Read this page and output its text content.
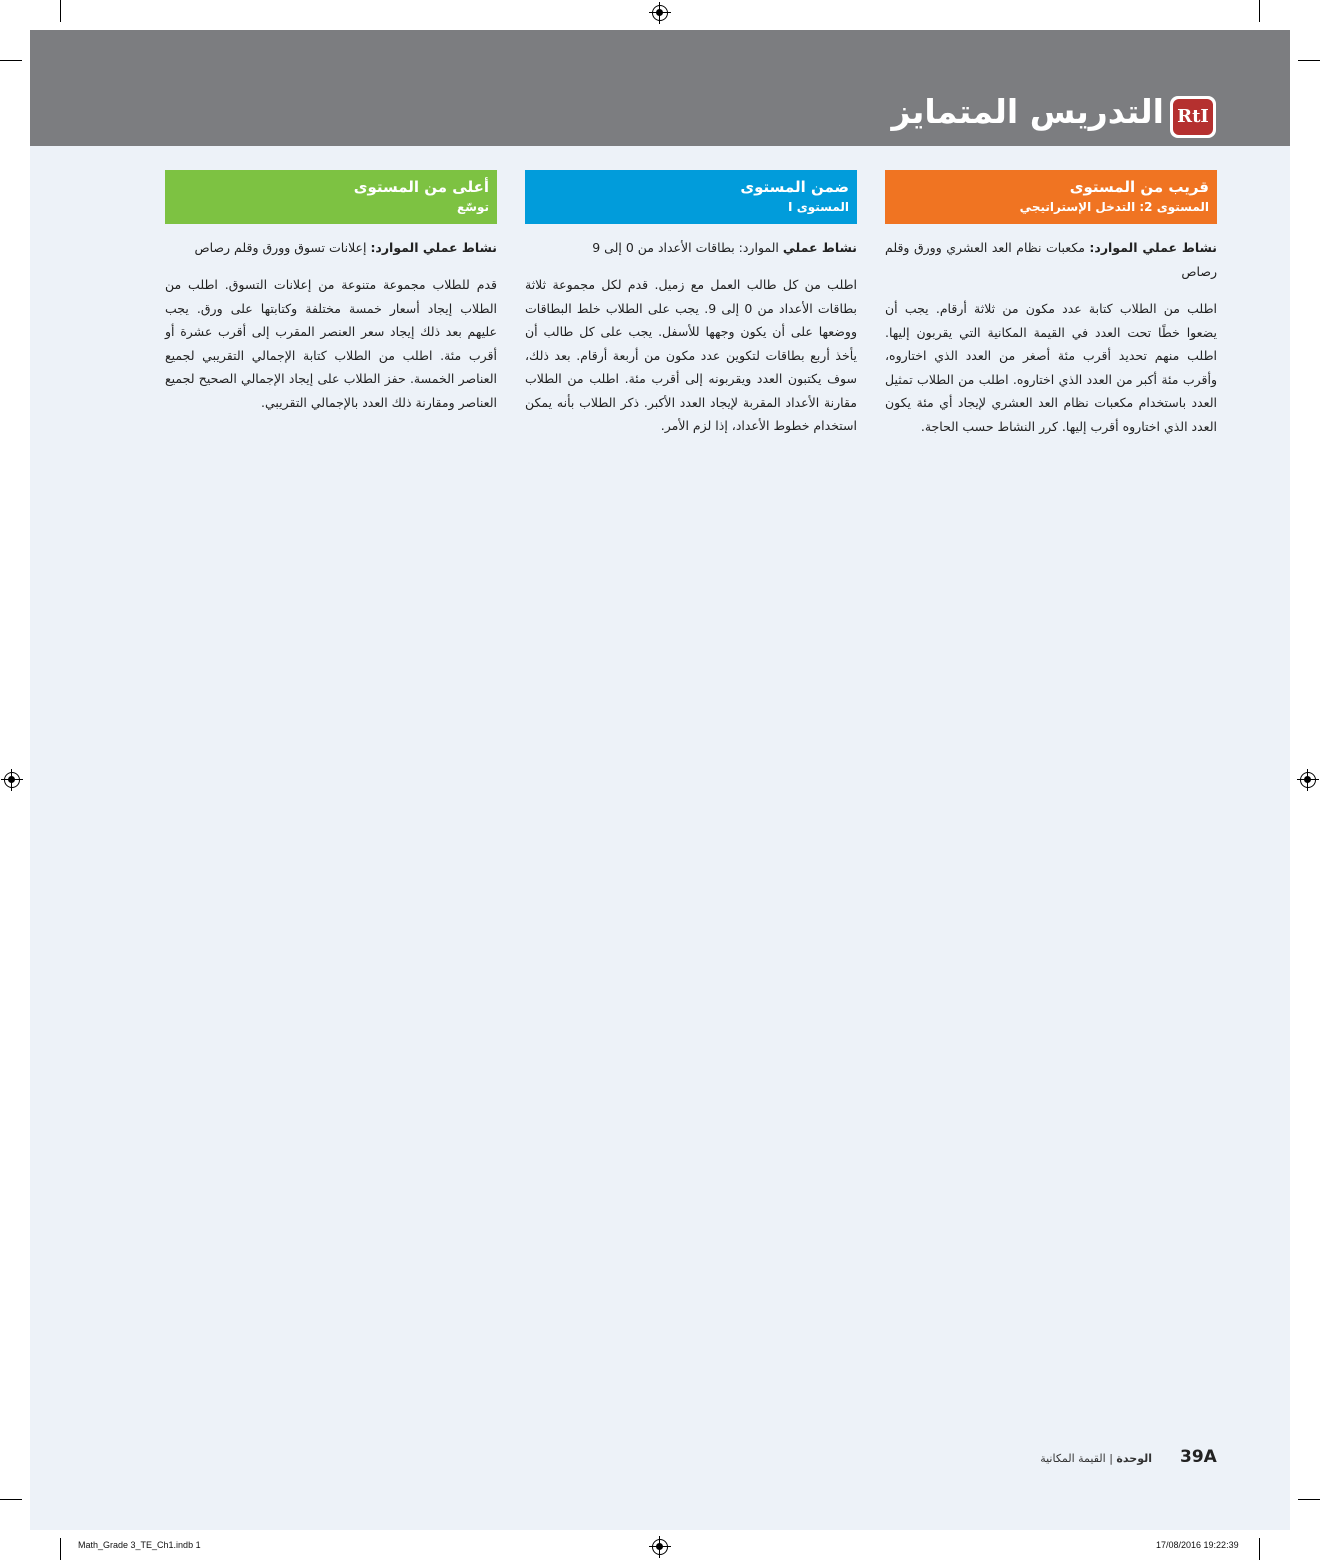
RtI
التدريس المتمايز
قريب من المستوى
المستوى 2: التدخل الإستراتيجي

نشاط عملي الموارد: مكعبات نظام العد العشري وورق وقلم رصاص

اطلب من الطلاب كتابة عدد مكون من ثلاثة أرقام. يجب أن يضعوا خطًا تحت العدد في القيمة المكانية التي يقربون إليها. اطلب منهم تحديد أقرب مئة أصغر من العدد الذي اختاروه، وأقرب مئة أكبر من العدد الذي اختاروه. اطلب من الطلاب تمثيل العدد باستخدام مكعبات نظام العد العشري لإيجاد أي مئة يكون العدد الذي اختاروه أقرب إليها. كرر النشاط حسب الحاجة.

ضمن المستوى
المستوى I

نشاط عملي الموارد: بطاقات الأعداد من 0 إلى 9

اطلب من كل طالب العمل مع زميل. قدم لكل مجموعة ثلاثة بطاقات الأعداد من 0 إلى 9. يجب على الطلاب خلط البطاقات ووضعها على أن يكون وجهها للأسفل. يجب على كل طالب أن يأخذ أربع بطاقات لتكوين عدد مكون من أربعة أرقام. بعد ذلك، سوف يكتبون العدد ويقربونه إلى أقرب مئة. اطلب من الطلاب مقارنة الأعداد المقربة لإيجاد العدد الأكبر. ذكر الطلاب بأنه يمكن استخدام خطوط الأعداد، إذا لزم الأمر.

أعلى من المستوى
توسّع

نشاط عملي الموارد: إعلانات تسوق وورق وقلم رصاص

قدم للطلاب مجموعة متنوعة من إعلانات التسوق. اطلب من الطلاب إيجاد أسعار خمسة مختلفة وكتابتها على ورق. يجب عليهم بعد ذلك إيجاد سعر العنصر المقرب إلى أقرب عشرة أو أقرب مئة. اطلب من الطلاب كتابة الإجمالي التقريبي لجميع العناصر الخمسة. حفز الطلاب على إيجاد الإجمالي الصحيح لجميع العناصر ومقارنة ذلك العدد بالإجمالي التقريبي.

39A
الوحدة | القيمة المكانية
Math_Grade 3_TE_Ch1.indb 1	17/08/2016 19:22:39
